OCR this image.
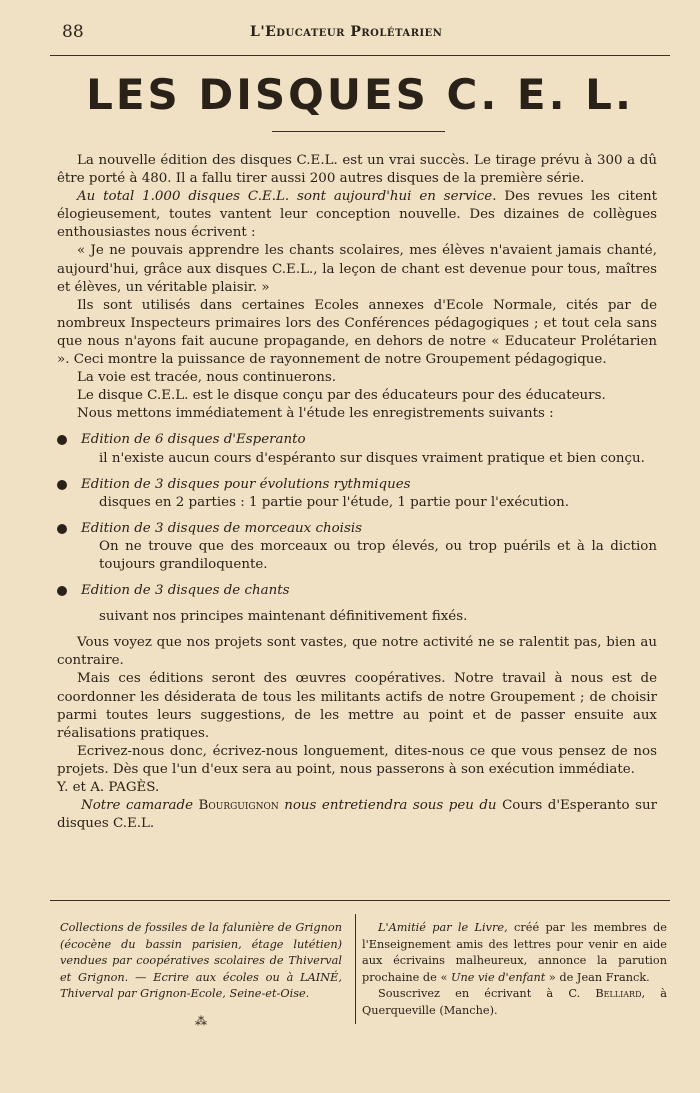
88	L'Educateur Prolétarien
LES DISQUES C. E. L.

La nouvelle édition des disques C.E.L. est un vrai succès. Le tirage prévu à 300 a dû être porté à 480. Il a fallu tirer aussi 200 autres disques de la première série.

Au total 1.000 disques C.E.L. sont aujourd'hui en service. Des revues les citent élogieusement, toutes vantent leur conception nouvelle. Des dizaines de collègues enthousiastes nous écrivent :

« Je ne pouvais apprendre les chants scolaires, mes élèves n'avaient jamais chanté, aujourd'hui, grâce aux disques C.E.L., la leçon de chant est devenue pour tous, maîtres et élèves, un véritable plaisir. »

Ils sont utilisés dans certaines Ecoles annexes d'Ecole Normale, cités par de nombreux Inspecteurs primaires lors des Conférences pédagogiques ; et tout cela sans que nous n'ayons fait aucune propagande, en dehors de notre « Educateur Prolétarien ». Ceci montre la puissance de rayonnement de notre Groupement pédagogique.

La voie est tracée, nous continuerons.

Le disque C.E.L. est le disque conçu par des éducateurs pour des éducateurs.

Nous mettons immédiatement à l'étude les enregistrements suivants :

Edition de 6 disques d'Esperanto
il n'existe aucun cours d'espéranto sur disques vraiment pratique et bien conçu.
Edition de 3 disques pour évolutions rythmiques
disques en 2 parties : 1 partie pour l'étude, 1 partie pour l'exécution.
Edition de 3 disques de morceaux choisis
On ne trouve que des morceaux ou trop élevés, ou trop puérils et à la diction toujours grandiloquente.
Edition de 3 disques de chants
suivant nos principes maintenant définitivement fixés.

Vous voyez que nos projets sont vastes, que notre activité ne se ralentit pas, bien au contraire.

Mais ces éditions seront des œuvres coopératives. Notre travail à nous est de coordonner les désiderata de tous les militants actifs de notre Groupement ; de choisir parmi toutes leurs suggestions, de les mettre au point et de passer ensuite aux réalisations pratiques.

Ecrivez-nous donc, écrivez-nous longuement, dites-nous ce que vous pensez de nos projets. Dès que l'un d'eux sera au point, nous passerons à son exécution immédiate.

Y. et A. PAGÈS.

Notre camarade Bourguignon nous entretiendra sous peu du Cours d'Esperanto sur disques C.E.L.

Collections de fossiles de la falunière de Grignon (écocène du bassin parisien, étage lutétien) vendues par coopératives scolaires de Thiverval et Grignon. — Ecrire aux écoles ou à LAINÉ, Thiverval par Grignon-Ecole, Seine-et-Oise.
⁂

L'Amitié par le Livre, créé par les membres de l'Enseignement amis des lettres pour venir en aide aux écrivains malheureux, annonce la parution prochaine de « Une vie d'enfant » de Jean Franck.

Souscrivez en écrivant à C. Belliard, à Querqueville (Manche).
